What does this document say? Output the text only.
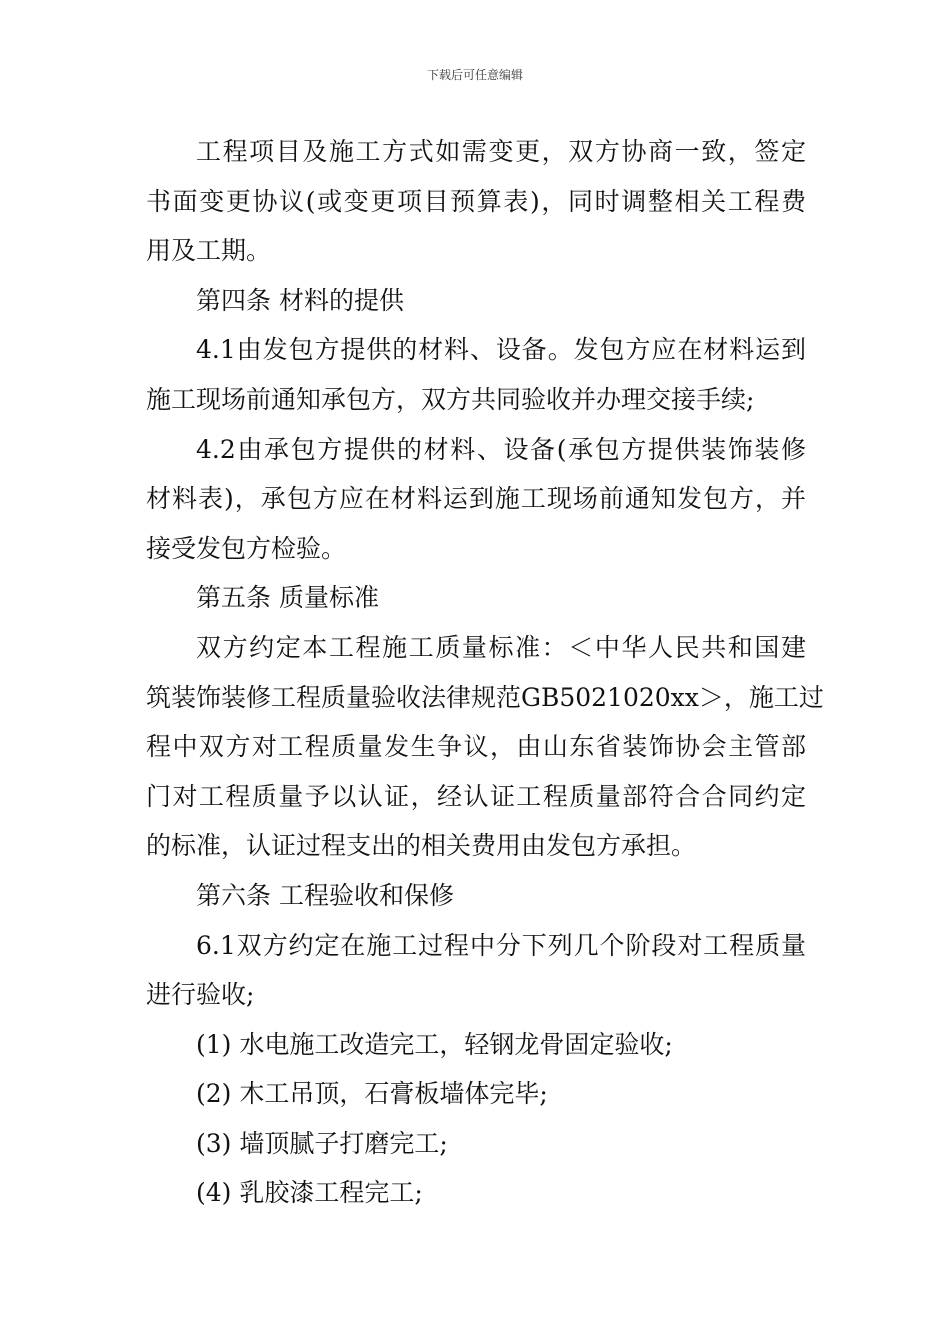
下载后可任意编辑
工程项目及施工方式如需变更，双方协商一致，签定
书面变更协议(或变更项目预算表)，同时调整相关工程费
用及工期。
第四条 材料的提供
4.1由发包方提供的材料、设备。发包方应在材料运到
施工现场前通知承包方，双方共同验收并办理交接手续;
4.2由承包方提供的材料、设备(承包方提供装饰装修
材料表)，承包方应在材料运到施工现场前通知发包方，并
接受发包方检验。
第五条 质量标准
双方约定本工程施工质量标准：＜中华人民共和国建
筑装饰装修工程质量验收法律规范GB5021020xx＞，施工过
程中双方对工程质量发生争议，由山东省装饰协会主管部
门对工程质量予以认证，经认证工程质量部符合合同约定
的标准，认证过程支出的相关费用由发包方承担。
第六条 工程验收和保修
6.1双方约定在施工过程中分下列几个阶段对工程质量
进行验收;
(1) 水电施工改造完工，轻钢龙骨固定验收;
(2) 木工吊顶，石膏板墙体完毕;
(3) 墙顶腻子打磨完工;
(4) 乳胶漆工程完工;
